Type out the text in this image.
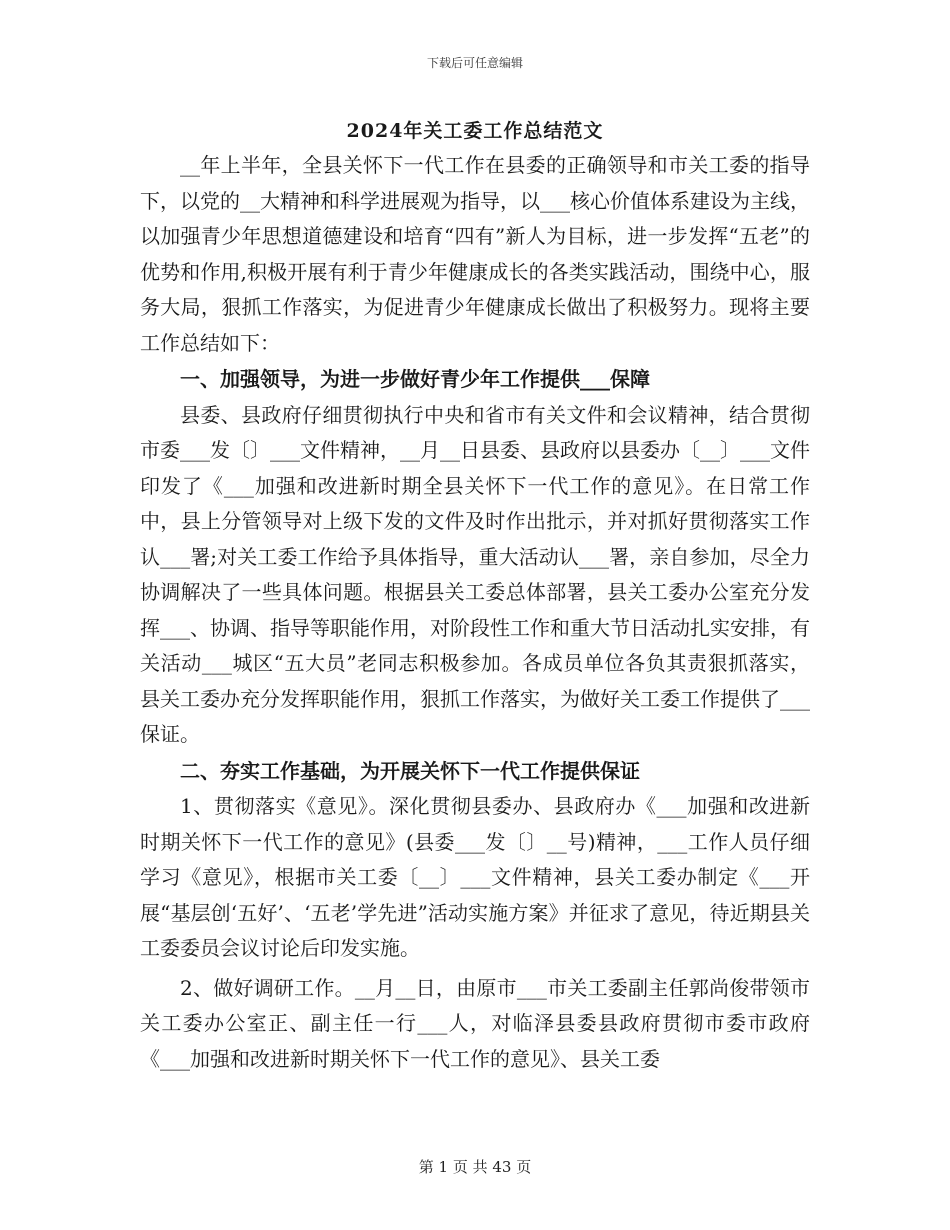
下载后可任意编辑
2024年关工委工作总结范文

__年上半年，全县关怀下一代工作在县委的正确领导和市关工委的指导下，以党的__大精神和科学进展观为指导，以___核心价值体系建设为主线，以加强青少年思想道德建设和培育“四有”新人为目标，进一步发挥“五老”的优势和作用,积极开展有利于青少年健康成长的各类实践活动，围绕中心，服务大局，狠抓工作落实，为促进青少年健康成长做出了积极努力。现将主要工作总结如下：

一、加强领导，为进一步做好青少年工作提供___保障

县委、县政府仔细贯彻执行中央和省市有关文件和会议精神，结合贯彻市委___发〔〕___文件精神，__月__日县委、县政府以县委办〔__〕___文件印发了《___加强和改进新时期全县关怀下一代工作的意见》。在日常工作中，县上分管领导对上级下发的文件及时作出批示，并对抓好贯彻落实工作认___署;对关工委工作给予具体指导，重大活动认___署，亲自参加，尽全力协调解决了一些具体问题。根据县关工委总体部署，县关工委办公室充分发挥___、协调、指导等职能作用，对阶段性工作和重大节日活动扎实安排，有关活动___城区“五大员”老同志积极参加。各成员单位各负其责狠抓落实，县关工委办充分发挥职能作用，狠抓工作落实，为做好关工委工作提供了___保证。

二、夯实工作基础，为开展关怀下一代工作提供保证

1、贯彻落实《意见》。深化贯彻县委办、县政府办《___加强和改进新时期关怀下一代工作的意见》(县委___发〔〕__号)精神，___工作人员仔细学习《意见》，根据市关工委〔__〕___文件精神，县关工委办制定《___开展“基层创‘五好’、‘五老’学先进”活动实施方案》并征求了意见，待近期县关工委委员会议讨论后印发实施。

2、做好调研工作。__月__日，由原市___市关工委副主任郭尚俊带领市关工委办公室正、副主任一行___人，对临泽县委县政府贯彻市委市政府《___加强和改进新时期关怀下一代工作的意见》、县关工委

第 1 页 共 43 页
